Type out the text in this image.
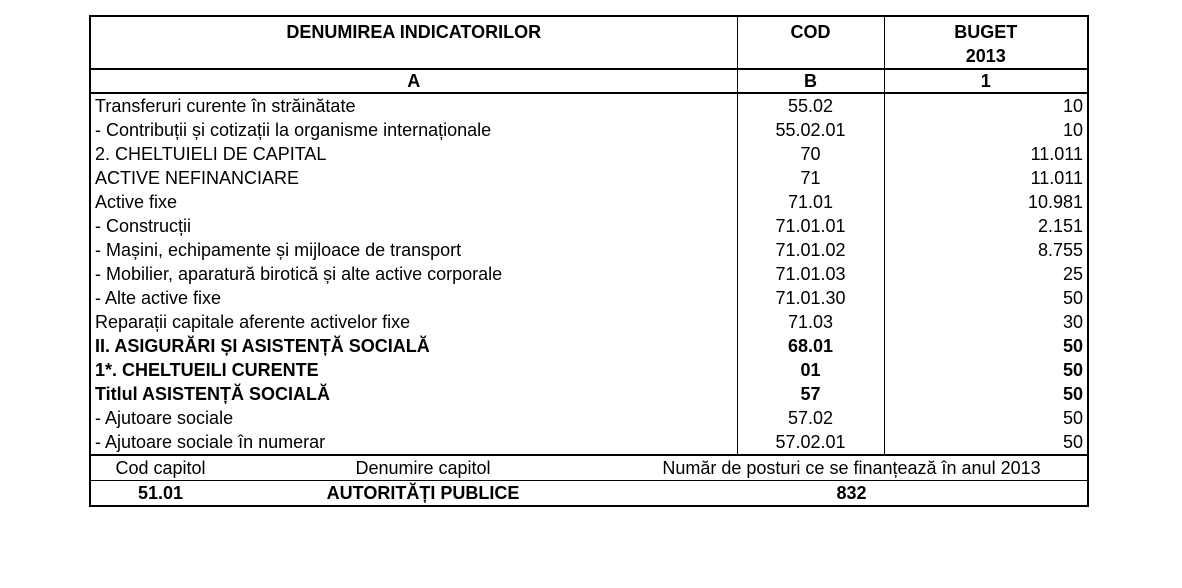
DENUMIREA INDICATORILOR	COD	BUGET
2013
A	B	1
Transferuri curente în străinătate	55.02	10
- Contribuții și cotizații la organisme internaționale	55.02.01	10
2. CHELTUIELI DE CAPITAL	70	11.011
ACTIVE NEFINANCIARE	71	11.011
Active fixe	71.01	10.981
- Construcții	71.01.01	2.151
- Mașini, echipamente și mijloace de transport	71.01.02	8.755
- Mobilier, aparatură birotică și alte active corporale	71.01.03	25
- Alte active fixe	71.01.30	50
Reparații capitale aferente activelor fixe	71.03	30
II. ASIGURĂRI ȘI ASISTENȚĂ SOCIALĂ	68.01	50
1*. CHELTUEILI CURENTE	01	50
Titlul ASISTENȚĂ SOCIALĂ	57	50
- Ajutoare sociale	57.02	50
- Ajutoare sociale în numerar	57.02.01	50
Cod capitol	Denumire capitol	Număr de posturi ce se finanțează în anul 2013
51.01	AUTORITĂȚI PUBLICE	832
